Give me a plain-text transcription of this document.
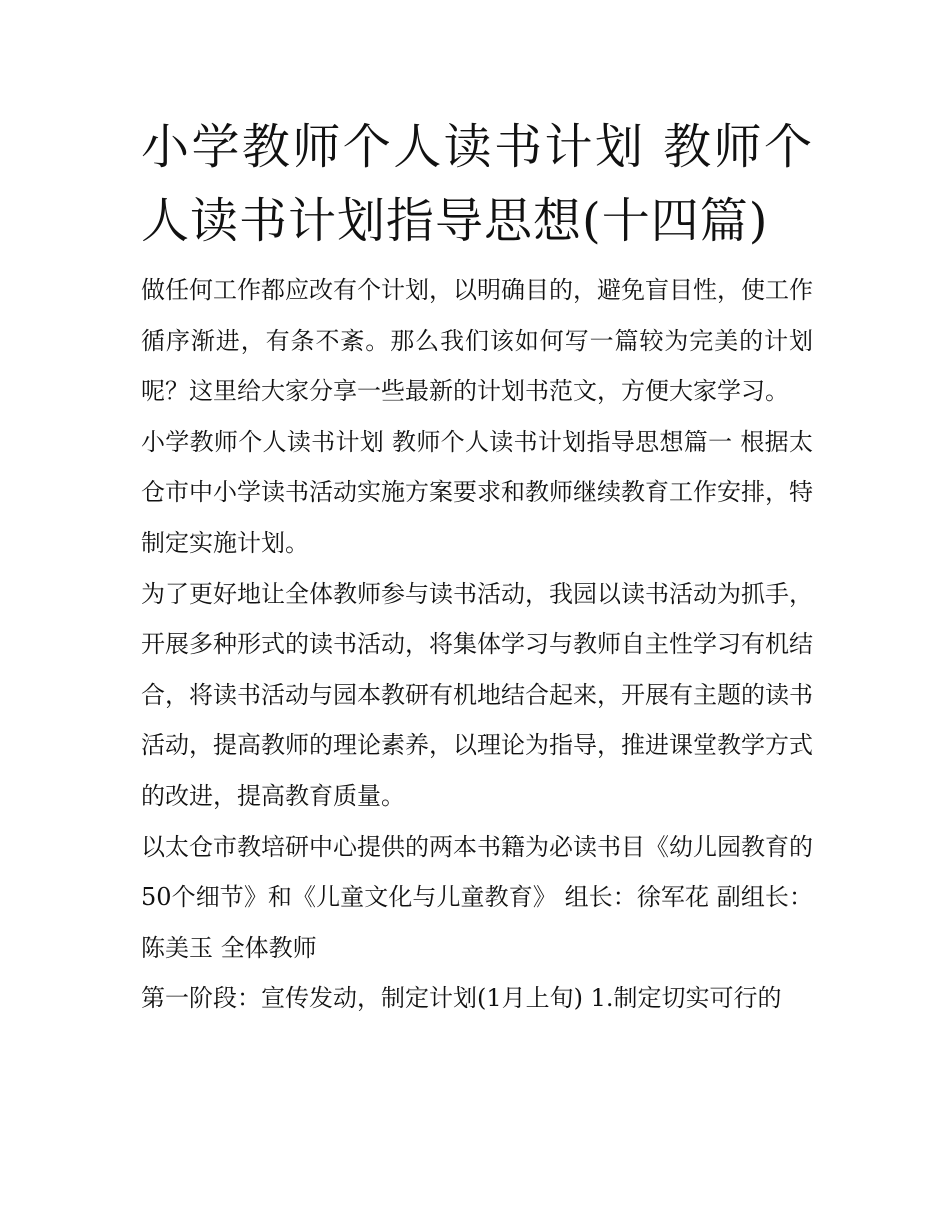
小学教师个人读书计划 教师个人读书计划指导思想(十四篇)

做任何工作都应改有个计划，以明确目的，避免盲目性，使工作循序渐进，有条不紊。那么我们该如何写一篇较为完美的计划呢？这里给大家分享一些最新的计划书范文，方便大家学习。

小学教师个人读书计划 教师个人读书计划指导思想篇一 根据太仓市中小学读书活动实施方案要求和教师继续教育工作安排，特制定实施计划。

为了更好地让全体教师参与读书活动，我园以读书活动为抓手，开展多种形式的读书活动，将集体学习与教师自主性学习有机结合，将读书活动与园本教研有机地结合起来，开展有主题的读书活动，提高教师的理论素养，以理论为指导，推进课堂教学方式的改进，提高教育质量。

以太仓市教培研中心提供的两本书籍为必读书目《幼儿园教育的50个细节》和《儿童文化与儿童教育》 组长：徐军花 副组长：陈美玉 全体教师

第一阶段：宣传发动，制定计划(1月上旬) 1.制定切实可行的
